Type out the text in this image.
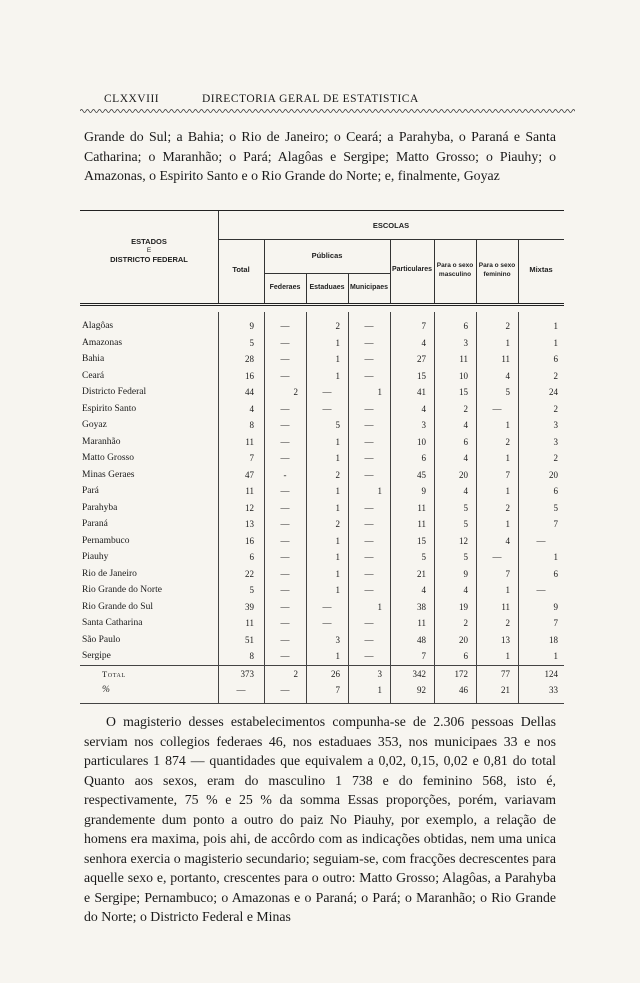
CLXXVIII	DIRECTORIA GERAL DE ESTATISTICA
Grande do Sul; a Bahia; o Rio de Janeiro; o Ceará; a Parahyba, o Paraná e Santa Catharina; o Maranhão; o Pará; Alagôas e Sergipe; Matto Grosso; o Piauhy; o Amazonas, o Espirito Santo e o Rio Grande do Norte; e, finalmente, Goyaz
ESTADOS
E
DISTRICTO FEDERAL
ESCOLAS
Total
Públicas
Federaes	Estaduaes Municipaes
Particulares
Para o sexo
masculino
Para o sexo
feminino
Mixtas
Alagôas	9	—	2	—	7	6	2	1
Amazonas	5	—	1	—	4	3	1	1
Bahia	28	—	1	—	27	11	11	6
Ceará	16	—	1	—	15	10	4	2
Districto Federal	44	2	—	1	41	15	5	24
Espirito Santo	4	—	—	—	4	2	—	2
Goyaz	8	—	5	—	3	4	1	3
Maranhão	11	—	1	—	10	6	2	3
Matto Grosso	7	—	1	—	6	4	1	2
Minas Geraes	47	-	2	—	45	20	7	20
Pará	11	—	1	1	9	4	1	6
Parahyba	12	—	1	—	11	5	2	5
Paraná	13	—	2	—	11	5	1	7
Pernambuco	16	—	1	—	15	12	4	—
Piauhy	6	—	1	—	5	5	—	1
Rio de Janeiro	22	—	1	—	21	9	7	6
Rio Grande do Norte	5	—	1	—	4	4	1	—
Rio Grande do Sul	39	—	—	1	38	19	11	9
Santa Catharina	11	—	—	—	11	2	2	7
São Paulo	51	—	3	—	48	20	13	18
Sergipe	8	—	1	—	7	6	1	1
Total	373	2	26	3	342	172	77	124
%	—	—	7	1	92	46	21	33
O magisterio desses estabelecimentos compunha-se de 2.306 pessoas Dellas serviam nos collegios federaes 46, nos estaduaes 353, nos municipaes 33 e nos particulares 1 874 — quantidades que equivalem a 0,02, 0,15, 0,02 e 0,81 do total Quanto aos sexos, eram do masculino 1 738 e do feminino 568, isto é, respectivamente, 75 % e 25 % da somma Essas proporções, porém, variavam grandemente dum ponto a outro do paiz No Piauhy, por exemplo, a relação de homens era maxima, pois ahi, de accôrdo com as indicações obtidas, nem uma unica senhora exercia o magisterio secundario; seguiam-se, com fracções decrescentes para aquelle sexo e, portanto, crescentes para o outro: Matto Grosso; Alagôas, a Parahyba e Sergipe; Pernambuco; o Amazonas e o Paraná; o Pará; o Maranhão; o Rio Grande do Norte; o Districto Federal e Minas
